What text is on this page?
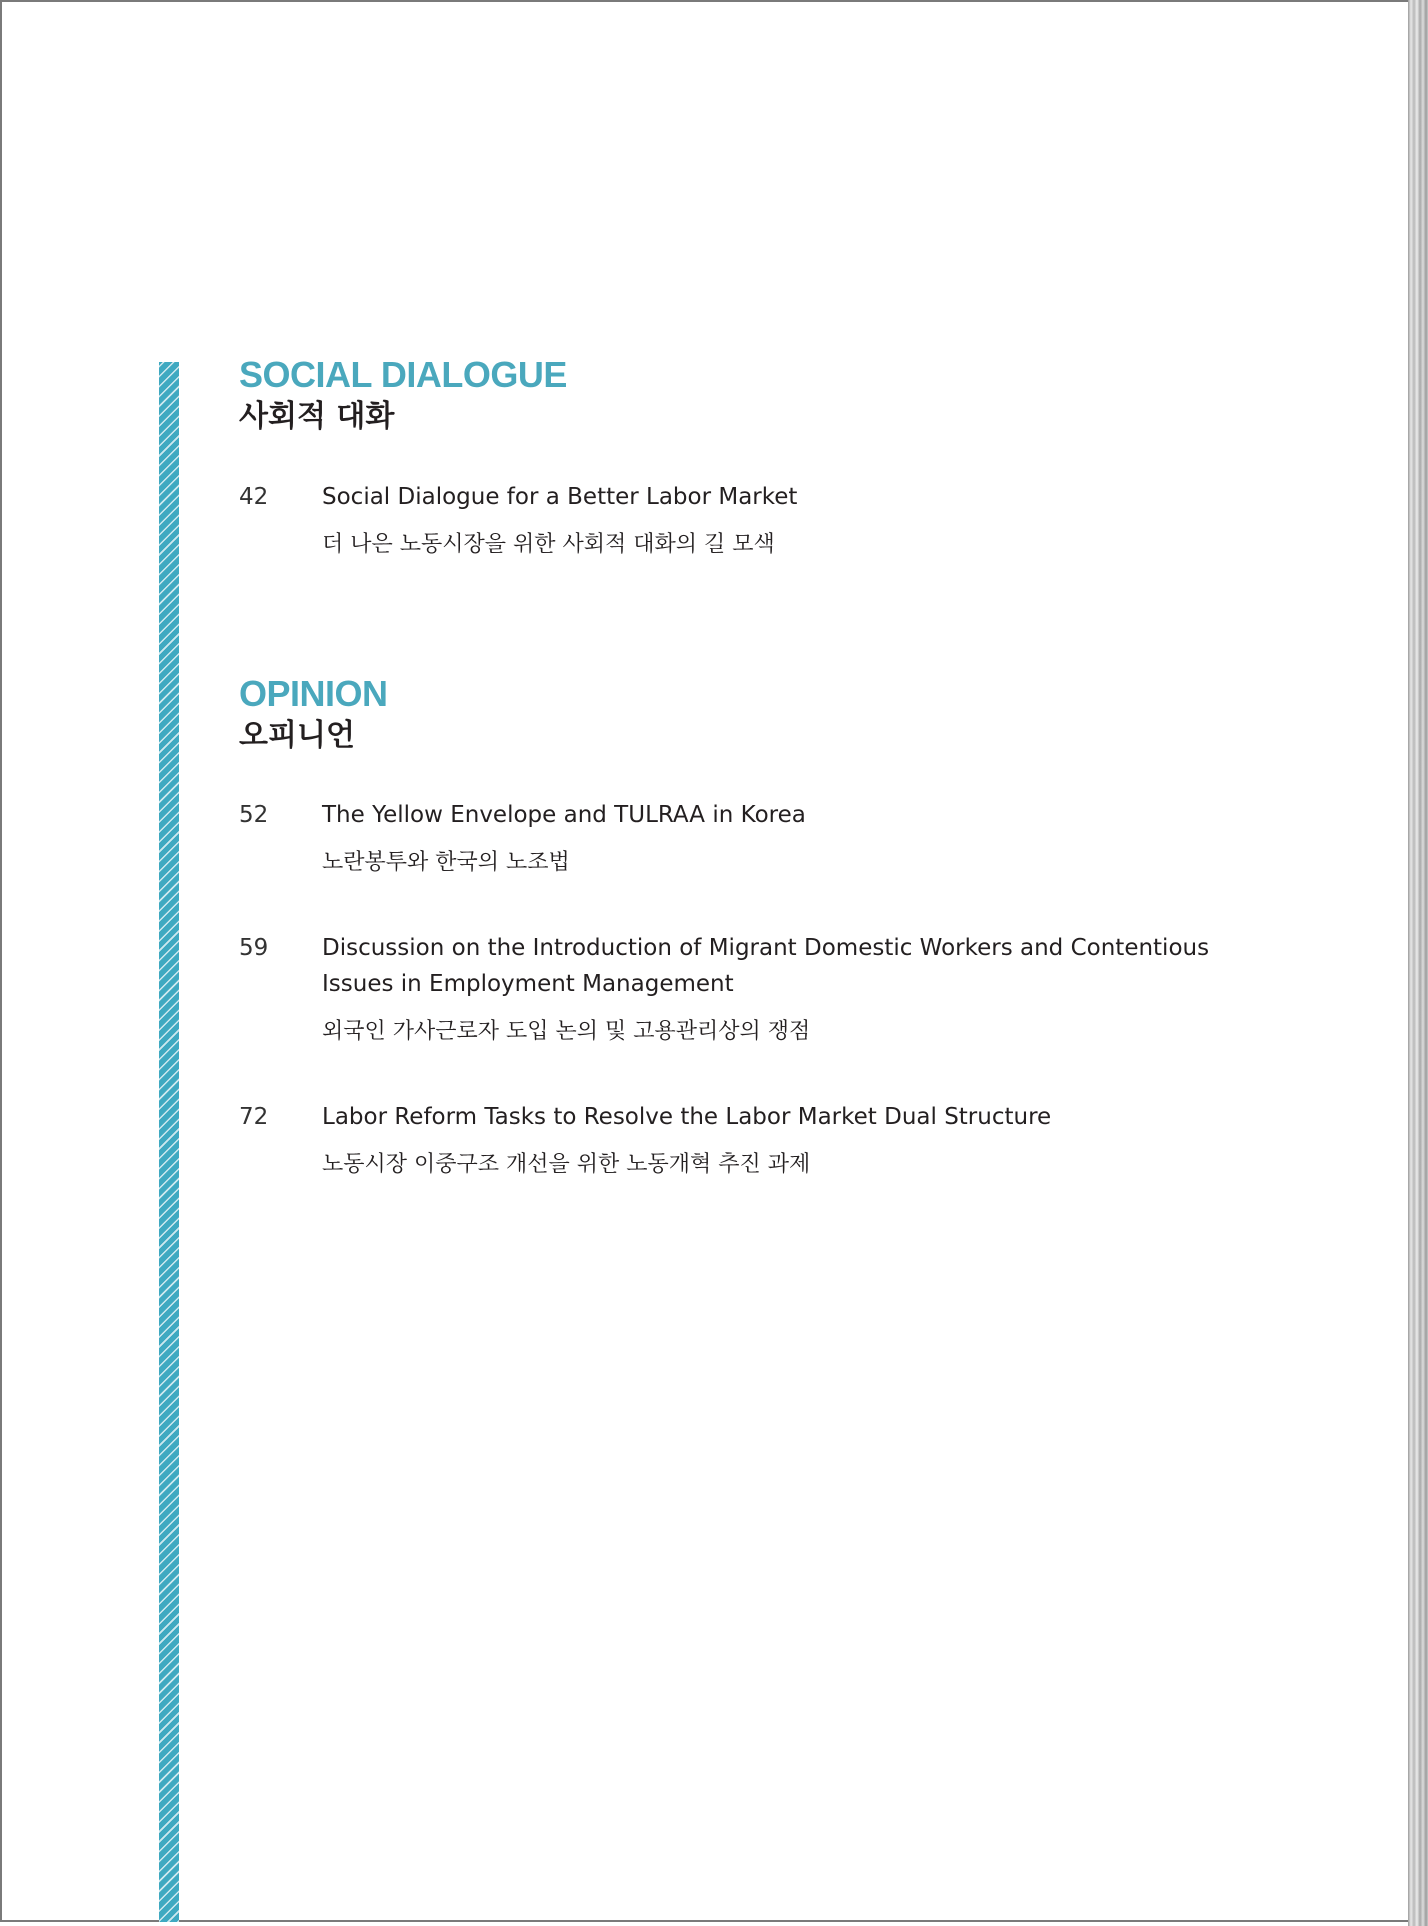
SOCIAL DIALOGUE
사회적 대화
42 Social Dialogue for a Better Labor Market
더 나은 노동시장을 위한 사회적 대화의 길 모색
OPINION
오피니언
52 The Yellow Envelope and TULRAA in Korea
노란봉투와 한국의 노조법
59 Discussion on the Introduction of Migrant Domestic Workers and Contentious Issues in Employment Management
외국인 가사근로자 도입 논의 및 고용관리상의 쟁점
72 Labor Reform Tasks to Resolve the Labor Market Dual Structure
노동시장 이중구조 개선을 위한 노동개혁 추진 과제
